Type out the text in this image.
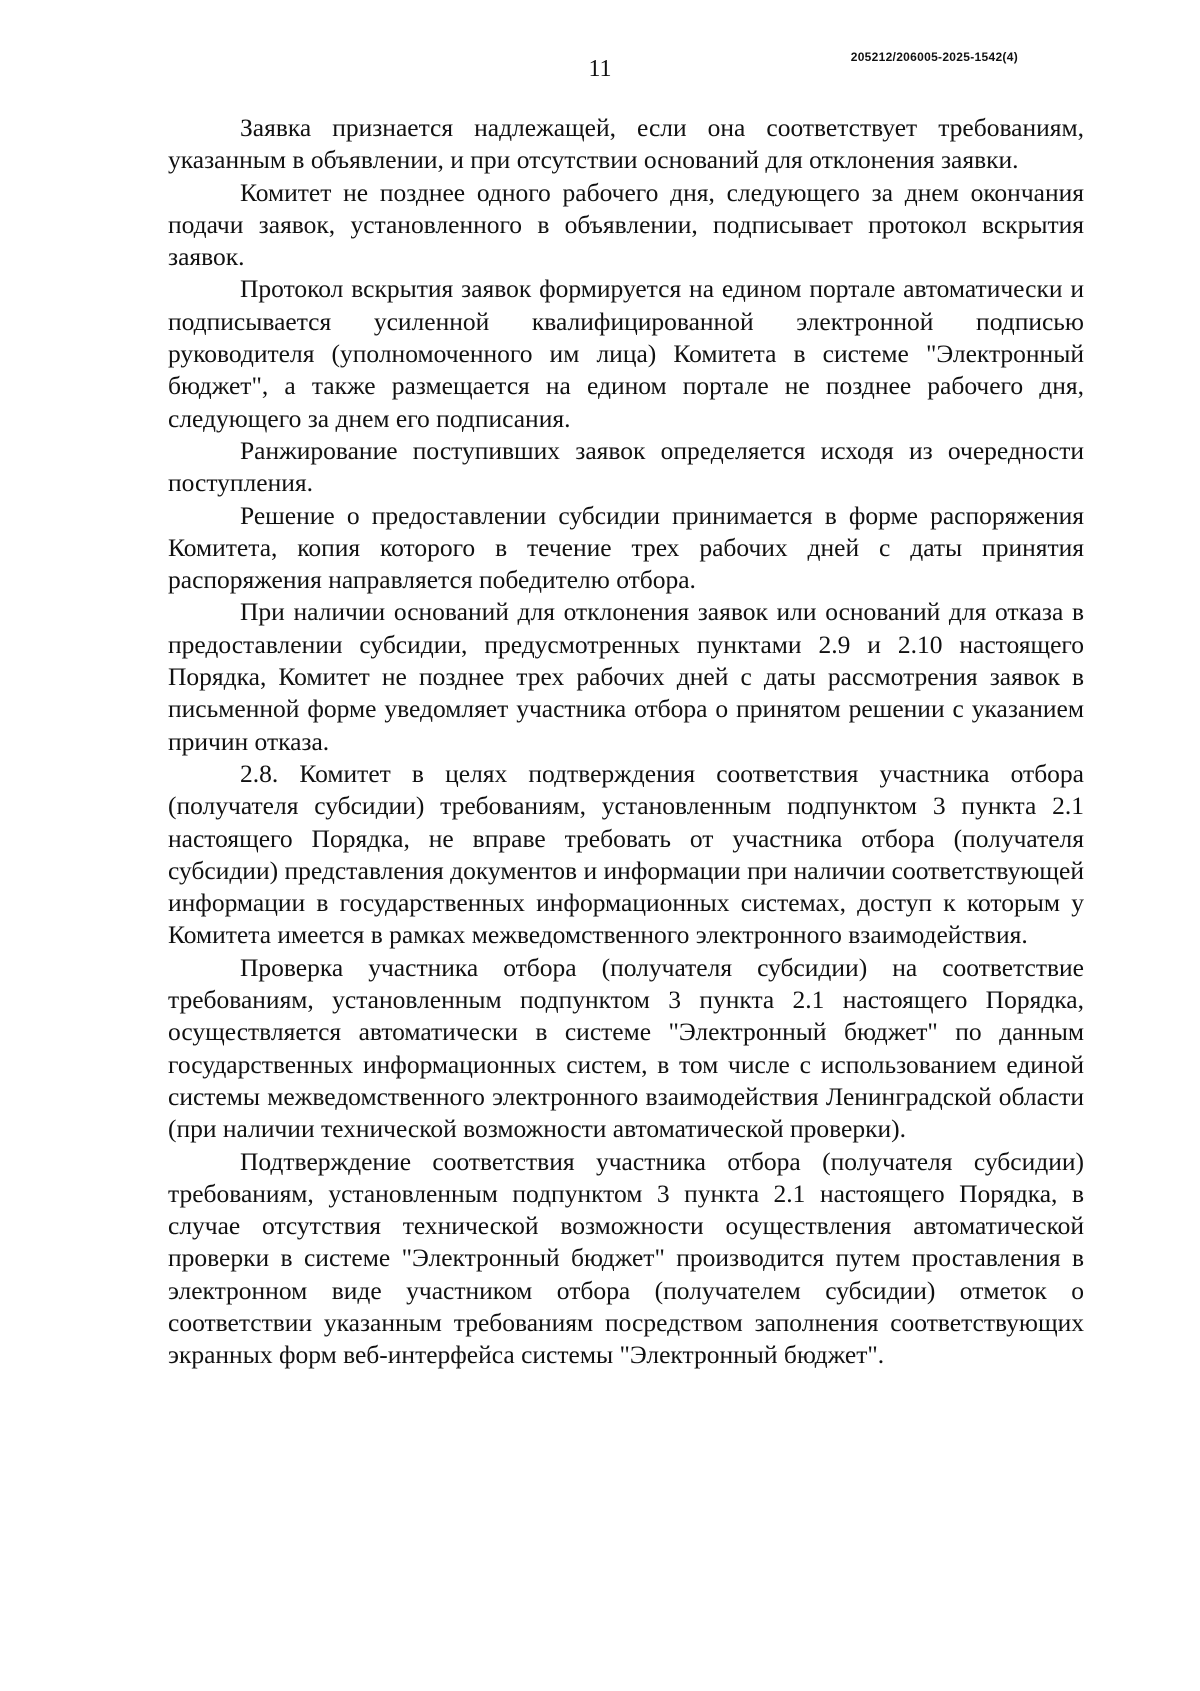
11	205212/206005-2025-1542(4)

Заявка признается надлежащей, если она соответствует требованиям, указанным в объявлении, и при отсутствии оснований для отклонения заявки.

Комитет не позднее одного рабочего дня, следующего за днем окончания подачи заявок, установленного в объявлении, подписывает протокол вскрытия заявок.

Протокол вскрытия заявок формируется на едином портале автоматически и подписывается усиленной квалифицированной электронной подписью руководителя (уполномоченного им лица) Комитета в системе "Электронный бюджет", а также размещается на едином портале не позднее рабочего дня, следующего за днем его подписания.

Ранжирование поступивших заявок определяется исходя из очередности поступления.

Решение о предоставлении субсидии принимается в форме распоряжения Комитета, копия которого в течение трех рабочих дней с даты принятия распоряжения направляется победителю отбора.

При наличии оснований для отклонения заявок или оснований для отказа в предоставлении субсидии, предусмотренных пунктами 2.9 и 2.10 настоящего Порядка, Комитет не позднее трех рабочих дней с даты рассмотрения заявок в письменной форме уведомляет участника отбора о принятом решении с указанием причин отказа.

2.8. Комитет в целях подтверждения соответствия участника отбора (получателя субсидии) требованиям, установленным подпунктом 3 пункта 2.1 настоящего Порядка, не вправе требовать от участника отбора (получателя субсидии) представления документов и информации при наличии соответствующей информации в государственных информационных системах, доступ к которым у Комитета имеется в рамках межведомственного электронного взаимодействия.

Проверка участника отбора (получателя субсидии) на соответствие требованиям, установленным подпунктом 3 пункта 2.1 настоящего Порядка, осуществляется автоматически в системе "Электронный бюджет" по данным государственных информационных систем, в том числе с использованием единой системы межведомственного электронного взаимодействия Ленинградской области (при наличии технической возможности автоматической проверки).

Подтверждение соответствия участника отбора (получателя субсидии) требованиям, установленным подпунктом 3 пункта 2.1 настоящего Порядка, в случае отсутствия технической возможности осуществления автоматической проверки в системе "Электронный бюджет" производится путем проставления в электронном виде участником отбора (получателем субсидии) отметок о соответствии указанным требованиям посредством заполнения соответствующих экранных форм веб-интерфейса системы "Электронный бюджет".
